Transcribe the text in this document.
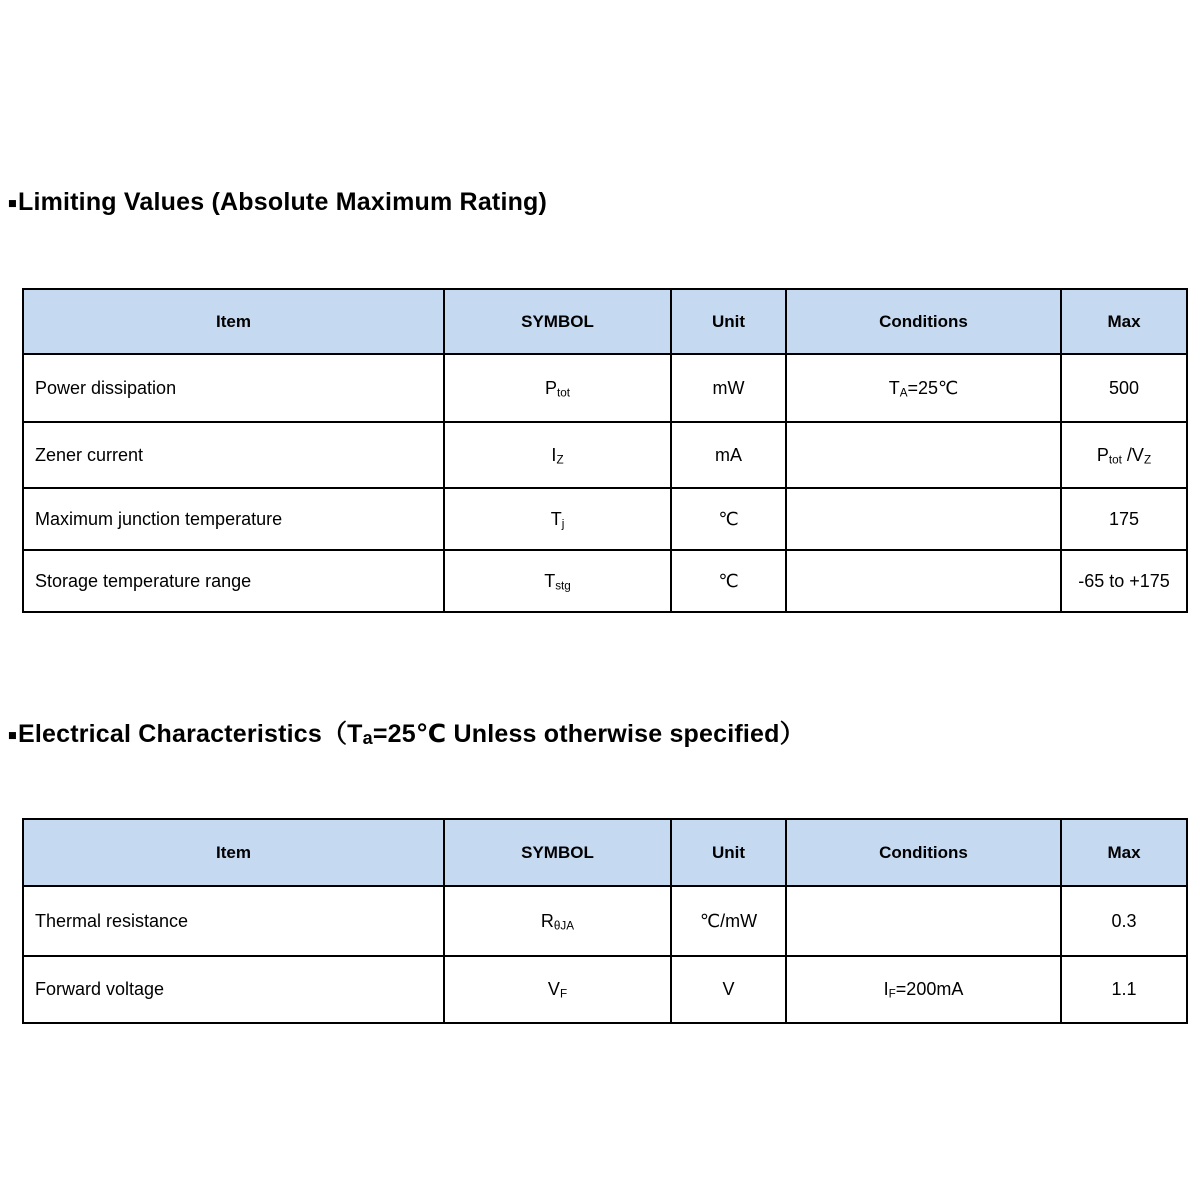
■Limiting Values (Absolute Maximum Rating)
Item	SYMBOL	Unit	Conditions	Max
Power dissipation	$P_{tot}$	mW	$T_A=25℃$	500
Zener current	$I_Z$	mA		$P_{tot}$ $/V_Z$
Maximum junction temperature	$T_j$	℃		175
Storage temperature range	$T_{stg}$	℃		-65 to +175
■Electrical $Characteristics(T_a=25℃$ Unless otherwise specified）
Item	SYMBOL	Unit	Conditions	Max
Thermal resistance	$R_{\theta JA}$	℃/mW		0.3
Forward voltage	$V_F$	V	$I_F=200mA$	1.1
